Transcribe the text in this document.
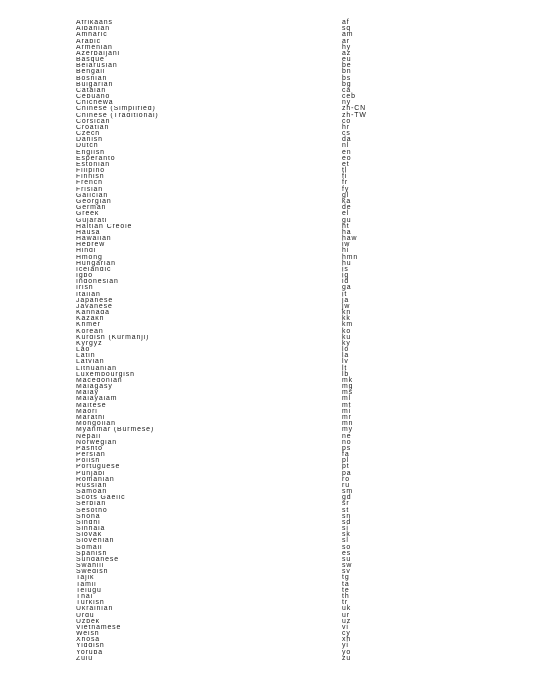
Afrikaans	af
Albanian	sq
Amharic	am
Arabic	ar
Armenian	hy
Azerbaijani	az
Basque	eu
Belarusian	be
Bengali	bn
Bosnian	bs
Bulgarian	bg
Catalan	ca
Cebuano	ceb
Chichewa	ny
Chinese (Simplified)	zh-CN
Chinese (Traditional)	zh-TW
Corsican	co
Croatian	hr
Czech	cs
Danish	da
Dutch	nl
English	en
Esperanto	eo
Estonian	et
Filipino	tl
Finnish	fi
French	fr
Frisian	fy
Galician	gl
Georgian	ka
German	de
Greek	el
Gujarati	gu
Haitian Creole	ht
Hausa	ha
Hawaiian	haw
Hebrew	iw
Hindi	hi
Hmong	hmn
Hungarian	hu
Icelandic	is
Igbo	ig
Indonesian	id
Irish	ga
Italian	it
Japanese	ja
Javanese	jw
Kannada	kn
Kazakh	kk
Khmer	km
Korean	ko
Kurdish (Kurmanji)	ku
Kyrgyz	ky
Lao	lo
Latin	la
Latvian	lv
Lithuanian	lt
Luxembourgish	lb
Macedonian	mk
Malagasy	mg
Malay	ms
Malayalam	ml
Maltese	mt
Maori	mi
Marathi	mr
Mongolian	mn
Myanmar (Burmese)	my
Nepali	ne
Norwegian	no
Pashto	ps
Persian	fa
Polish	pl
Portuguese	pt
Punjabi	pa
Romanian	ro
Russian	ru
Samoan	sm
Scots Gaelic	gd
Serbian	sr
Sesotho	st
Shona	sn
Sindhi	sd
Sinhala	si
Slovak	sk
Slovenian	sl
Somali	so
Spanish	es
Sundanese	su
Swahili	sw
Swedish	sv
Tajik	tg
Tamil	ta
Telugu	te
Thai	th
Turkish	tr
Ukrainian	uk
Urdu	ur
Uzbek	uz
Vietnamese	vi
Welsh	cy
Xhosa	xh
Yiddish	yi
Yoruba	yo
Zulu	zu
